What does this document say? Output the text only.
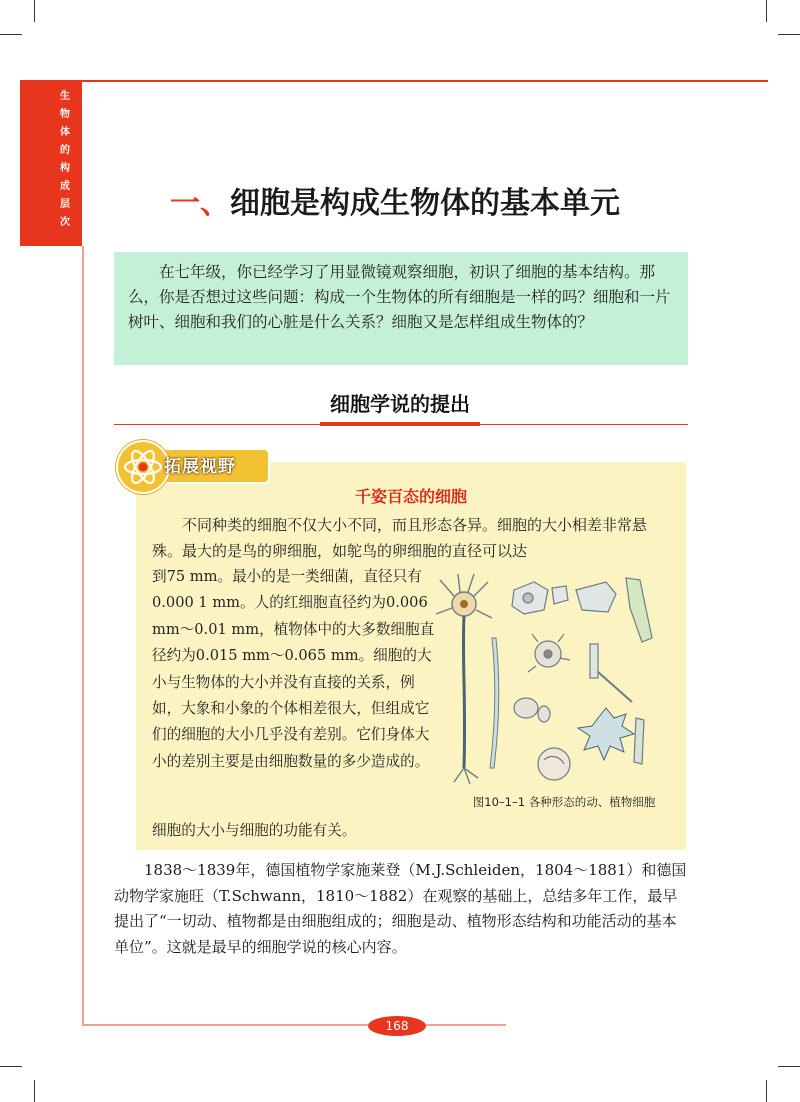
生
物
体
的
构
成
层
次
一、细胞是构成生物体的基本单元

在七年级，你已经学习了用显微镜观察细胞，初识了细胞的基本结构。那么，你是否想过这些问题：构成一个生物体的所有细胞是一样的吗？细胞和一片树叶、细胞和我们的心脏是什么关系？细胞又是怎样组成生物体的？

细胞学说的提出
拓展视野
千姿百态的细胞

不同种类的细胞不仅大小不同，而且形态各异。细胞的大小相差非常悬殊。最大的是鸟的卵细胞，如鸵鸟的卵细胞的直径可以达

到75 mm。最小的是一类细菌，直径只有0.000 1 mm。人的红细胞直径约为0.006 mm～0.01 mm，植物体中的大多数细胞直径约为0.015 mm～0.065 mm。细胞的大小与生物体的大小并没有直接的关系，例如，大象和小象的个体相差很大，但组成它们的细胞的大小几乎没有差别。它们身体大小的差别主要是由细胞数量的多少造成的。

细胞的大小与细胞的功能有关。

图10–1–1 各种形态的动、植物细胞

1838～1839年，德国植物学家施莱登（M.J.Schleiden，1804～1881）和德国动物学家施旺（T.Schwann，1810～1882）在观察的基础上，总结多年工作，最早提出了“一切动、植物都是由细胞组成的；细胞是动、植物形态结构和功能活动的基本单位”。这就是最早的细胞学说的核心内容。

168
